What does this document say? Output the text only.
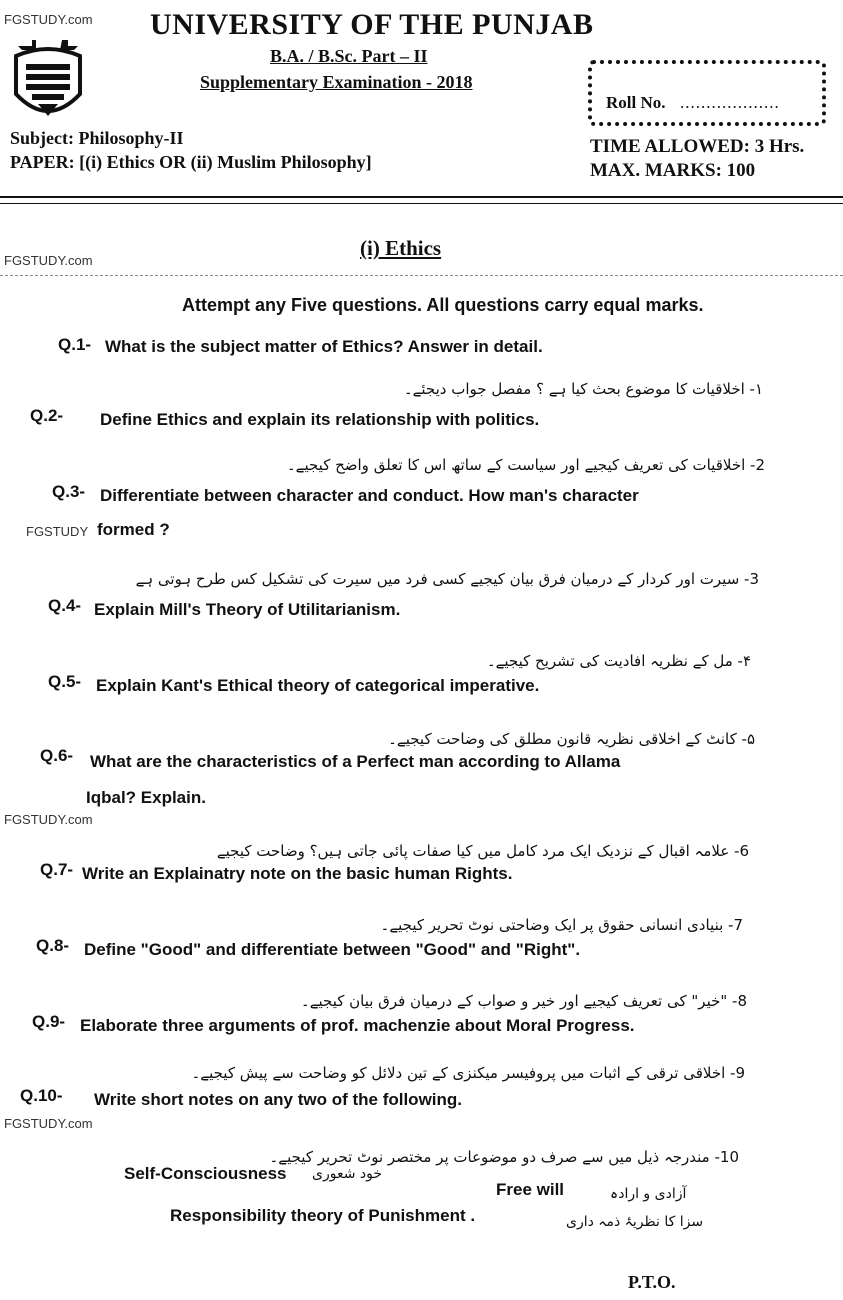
FGSTUDY.com
FGSTUDY.com
FGSTUDY
FGSTUDY.com
FGSTUDY.com
UNIVERSITY OF THE PUNJAB
B.A. / B.Sc. Part – II
Supplementary Examination - 2018
Roll No. ...................
Subject: Philosophy-II
PAPER: [(i) Ethics OR (ii) Muslim Philosophy]
TIME ALLOWED: 3 Hrs.
MAX. MARKS: 100
(i) Ethics
Attempt any Five questions. All questions carry equal marks.
Q.1- What is the subject matter of Ethics? Answer in detail.
۱- اخلاقیات کا موضوع بحث کیا ہے ؟ مفصل جواب دیجئے۔
Q.2- Define Ethics and explain its relationship with politics.
2- اخلاقیات کی تعریف کیجیے اور سیاست کے ساتھ اس کا تعلق واضح کیجیے۔
Q.3- Differentiate between character and conduct. How man's character
formed ?
3- سیرت اور کردار کے درمیان فرق بیان کیجیے کسی فرد میں سیرت کی تشکیل کس طرح ہوتی ہے
Q.4- Explain Mill's Theory of Utilitarianism.
۴- مل کے نظریہ افادیت کی تشریح کیجیے۔
Q.5- Explain Kant's Ethical theory of categorical imperative.
۵- کانٹ کے اخلاقی نظریہ قانون مطلق کی وضاحت کیجیے۔
Q.6- What are the characteristics of a Perfect man according to Allama
Iqbal? Explain.
6- علامہ اقبال کے نزدیک ایک مرد کامل میں کیا صفات پائی جاتی ہیں؟ وضاحت کیجیے
Q.7- Write an Explainatry note on the basic human Rights.
7- بنیادی انسانی حقوق پر ایک وضاحتی نوٹ تحریر کیجیے۔
Q.8- Define "Good" and differentiate between "Good" and "Right".
8- "خیر" کی تعریف کیجیے اور خیر و صواب کے درمیان فرق بیان کیجیے۔
Q.9- Elaborate three arguments of prof. machenzie about Moral Progress.
9- اخلاقی ترقی کے اثبات میں پروفیسر میکنزی کے تین دلائل کو وضاحت سے پیش کیجیے۔
Q.10- Write short notes on any two of the following.
10- مندرجہ ذیل میں سے صرف دو موضوعات پر مختصر نوٹ تحریر کیجیے۔
Self-Consciousness خود شعوری
Free will	آزادی و ارادہ
Responsibility theory of Punishment .	سزا کا نظریۂ ذمہ داری
P.T.O.
